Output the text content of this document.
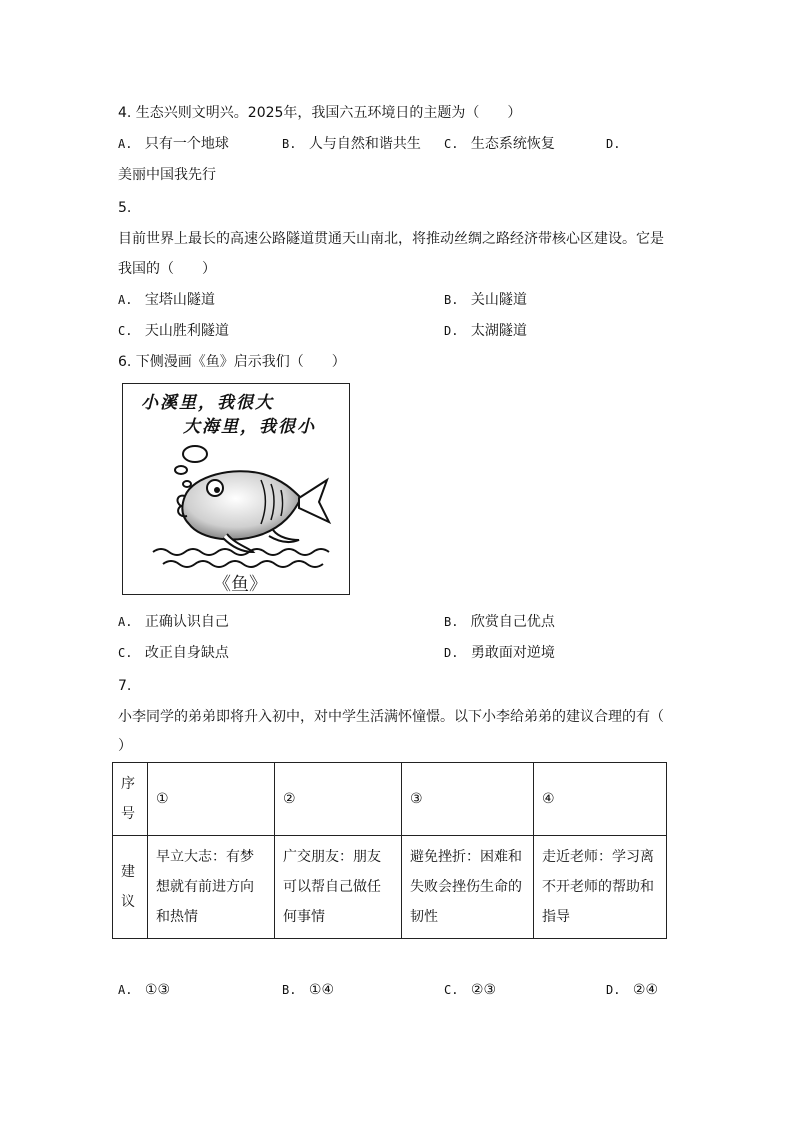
4. 生态兴则文明兴。2025年，我国六五环境日的主题为（　　）
A. 只有一个地球	B. 人与自然和谐共生 C. 生态系统恢复	D.
美丽中国我先行
5.
目前世界上最长的高速公路隧道贯通天山南北，将推动丝绸之路经济带核心区建设。它是
我国的（　　）
A. 宝塔山隧道	B. 关山隧道
C. 天山胜利隧道	D. 太湖隧道
6. 下侧漫画《鱼》启示我们（　　）
小溪里，我很大
大海里，我很小
《鱼》
A. 正确认识自己	B. 欣赏自己优点
C. 改正自身缺点	D. 勇敢面对逆境
7.
小李同学的弟弟即将升入初中，对中学生活满怀憧憬。以下小李给弟弟的建议合理的有（
）
序号	①	②	③	④
建议	早立大志：有梦想就有前进方向和热情	广交朋友：朋友可以帮自己做任何事情	避免挫折：困难和失败会挫伤生命的韧性	走近老师：学习离不开老师的帮助和指导
A. ①③	B. ①④	C. ②③	D. ②④
